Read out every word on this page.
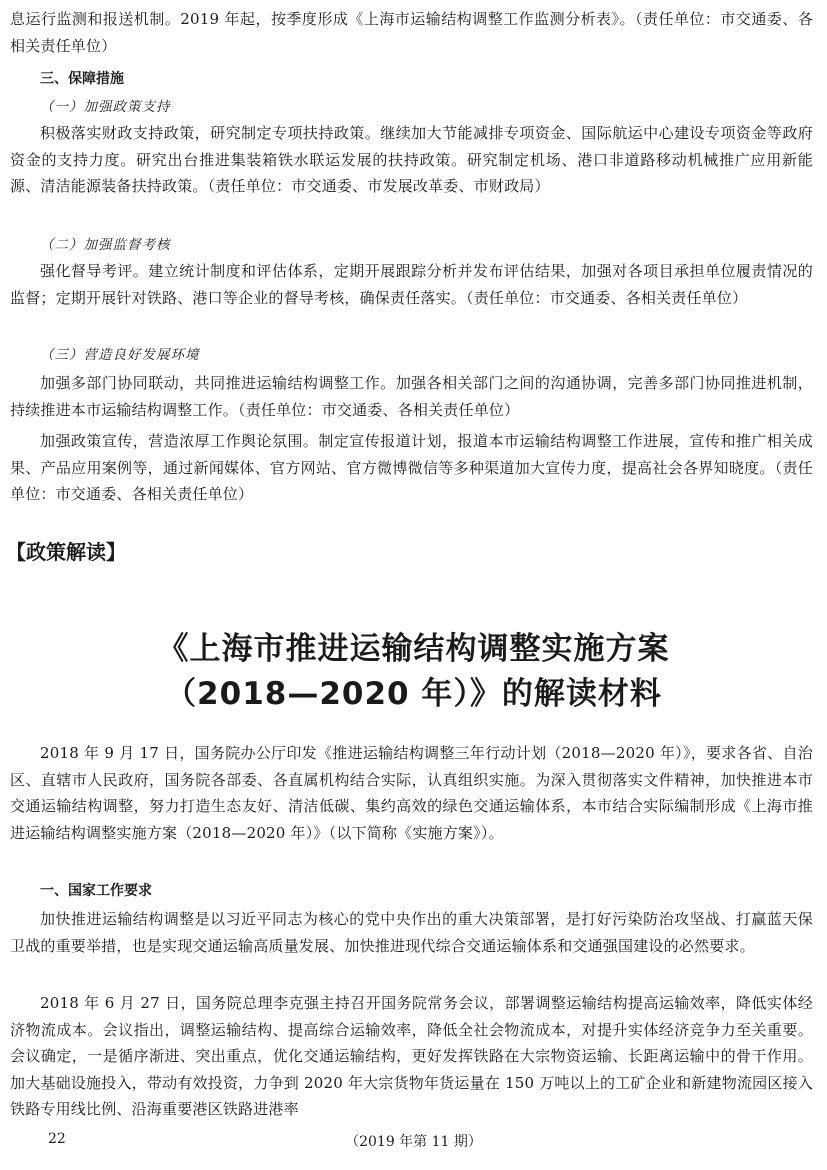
息运行监测和报送机制。2019 年起，按季度形成《上海市运输结构调整工作监测分析表》。（责任单位：市交通委、各相关责任单位）

三、保障措施

（一）加强政策支持

积极落实财政支持政策，研究制定专项扶持政策。继续加大节能减排专项资金、国际航运中心建设专项资金等政府资金的支持力度。研究出台推进集装箱铁水联运发展的扶持政策。研究制定机场、港口非道路移动机械推广应用新能源、清洁能源装备扶持政策。（责任单位：市交通委、市发展改革委、市财政局）

（二）加强监督考核

强化督导考评。建立统计制度和评估体系，定期开展跟踪分析并发布评估结果，加强对各项目承担单位履责情况的监督；定期开展针对铁路、港口等企业的督导考核，确保责任落实。（责任单位：市交通委、各相关责任单位）

（三）营造良好发展环境

加强多部门协同联动，共同推进运输结构调整工作。加强各相关部门之间的沟通协调，完善多部门协同推进机制，持续推进本市运输结构调整工作。（责任单位：市交通委、各相关责任单位）

加强政策宣传，营造浓厚工作舆论氛围。制定宣传报道计划，报道本市运输结构调整工作进展，宣传和推广相关成果、产品应用案例等，通过新闻媒体、官方网站、官方微博微信等多种渠道加大宣传力度，提高社会各界知晓度。（责任单位：市交通委、各相关责任单位）

【政策解读】

《上海市推进运输结构调整实施方案
（2018—2020 年）》的解读材料

2018 年 9 月 17 日，国务院办公厅印发《推进运输结构调整三年行动计划（2018—2020 年）》，要求各省、自治区、直辖市人民政府，国务院各部委、各直属机构结合实际，认真组织实施。为深入贯彻落实文件精神，加快推进本市交通运输结构调整，努力打造生态友好、清洁低碳、集约高效的绿色交通运输体系，本市结合实际编制形成《上海市推进运输结构调整实施方案（2018—2020 年）》（以下简称《实施方案》）。

一、国家工作要求

加快推进运输结构调整是以习近平同志为核心的党中央作出的重大决策部署，是打好污染防治攻坚战、打赢蓝天保卫战的重要举措，也是实现交通运输高质量发展、加快推进现代综合交通运输体系和交通强国建设的必然要求。

2018 年 6 月 27 日，国务院总理李克强主持召开国务院常务会议，部署调整运输结构提高运输效率，降低实体经济物流成本。会议指出，调整运输结构、提高综合运输效率，降低全社会物流成本，对提升实体经济竞争力至关重要。会议确定，一是循序渐进、突出重点，优化交通运输结构，更好发挥铁路在大宗物资运输、长距离运输中的骨干作用。加大基础设施投入，带动有效投资，力争到 2020 年大宗货物年货运量在 150 万吨以上的工矿企业和新建物流园区接入铁路专用线比例、沿海重要港区铁路进港率

22	（2019 年第 11 期）
